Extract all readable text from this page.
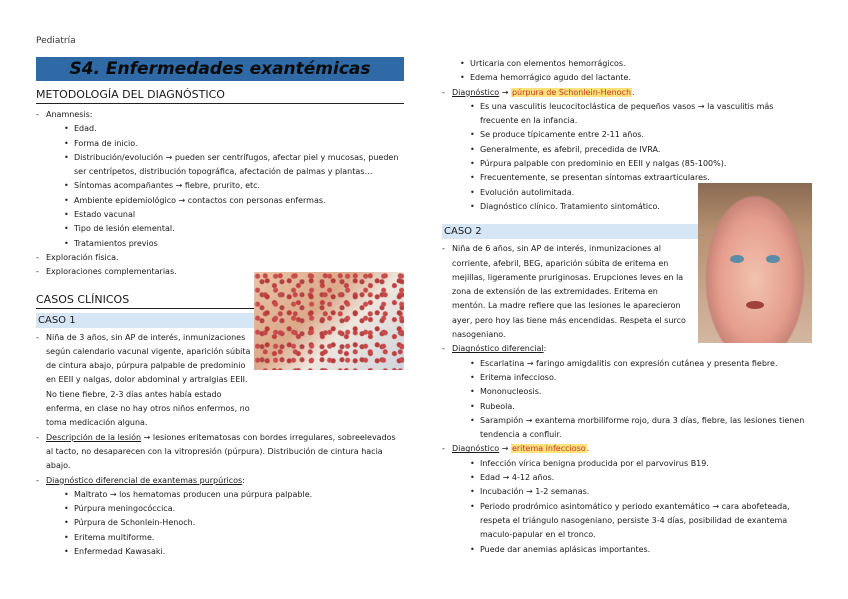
Pediatría
S4. Enfermedades exantémicas
METODOLOGÍA DEL DIAGNÓSTICO
- Anamnesis:
• Edad.
• Forma de inicio.
• Distribución/evolución → pueden ser centrífugos, afectar piel y mucosas, pueden ser centrípetos, distribución topográfica, afectación de palmas y plantas…
• Síntomas acompañantes → fiebre, prurito, etc.
• Ambiente epidemiológico → contactos con personas enfermas.
• Estado vacunal
• Tipo de lesión elemental.
• Tratamientos previos
- Exploración física.
- Exploraciones complementarias.
CASOS CLÍNICOS
CASO 1
- Niña de 3 años, sin AP de interés, inmunizaciones según calendario vacunal vigente, aparición súbita de cintura abajo, púrpura palpable de predominio en EEII y nalgas, dolor abdominal y artralgias EEII. No tiene fiebre, 2-3 días antes había estado enferma, en clase no hay otros niños enfermos, no toma medicación alguna.
- Descripción de la lesión → lesiones eritematosas con bordes irregulares, sobreelevados al tacto, no desaparecen con la vitropresión (púrpura). Distribución de cintura hacia abajo.
- Diagnóstico diferencial de exantemas purpúricos:
• Maltrato → los hematomas producen una púrpura palpable.
• Púrpura meningocóccica.
• Púrpura de Schonlein-Henoch.
• Eritema multiforme.
• Enfermedad Kawasaki.
• Urticaria con elementos hemorrágicos.
• Edema hemorrágico agudo del lactante.
- Diagnóstico → púrpura de Schonlein-Henoch.
• Es una vasculitis leucocitoclástica de pequeños vasos → la vasculitis más frecuente en la infancia.
• Se produce típicamente entre 2-11 años.
• Generalmente, es afebril, precedida de IVRA.
• Púrpura palpable con predominio en EEII y nalgas (85-100%).
• Frecuentemente, se presentan síntomas extraarticulares.
• Evolución autolimitada.
• Diagnóstico clínico. Tratamiento sintomático.
CASO 2
- Niña de 6 años, sin AP de interés, inmunizaciones al corriente, afebril, BEG, aparición súbita de eritema en mejillas, ligeramente pruriginosas. Erupciones leves en la zona de extensión de las extremidades. Eritema en mentón. La madre refiere que las lesiones le aparecieron ayer, pero hoy las tiene más encendidas. Respeta el surco nasogeniano.
- Diagnóstico diferencial:
• Escarlatina → faringo amigdalitis con expresión cutánea y presenta fiebre.
• Eritema infeccioso.
• Mononucleosis.
• Rubeola.
• Sarampión → exantema morbiliforme rojo, dura 3 días, fiebre, las lesiones tienen tendencia a confluir.
- Diagnóstico → eritema infeccioso.
• Infección vírica benigna producida por el parvovirus B19.
• Edad → 4-12 años.
• Incubación → 1-2 semanas.
• Periodo prodrómico asintomático y periodo exantemático → cara abofeteada, respeta el triángulo nasogeniano, persiste 3-4 días, posibilidad de exantema maculo-papular en el tronco.
• Puede dar anemias aplásicas importantes.
